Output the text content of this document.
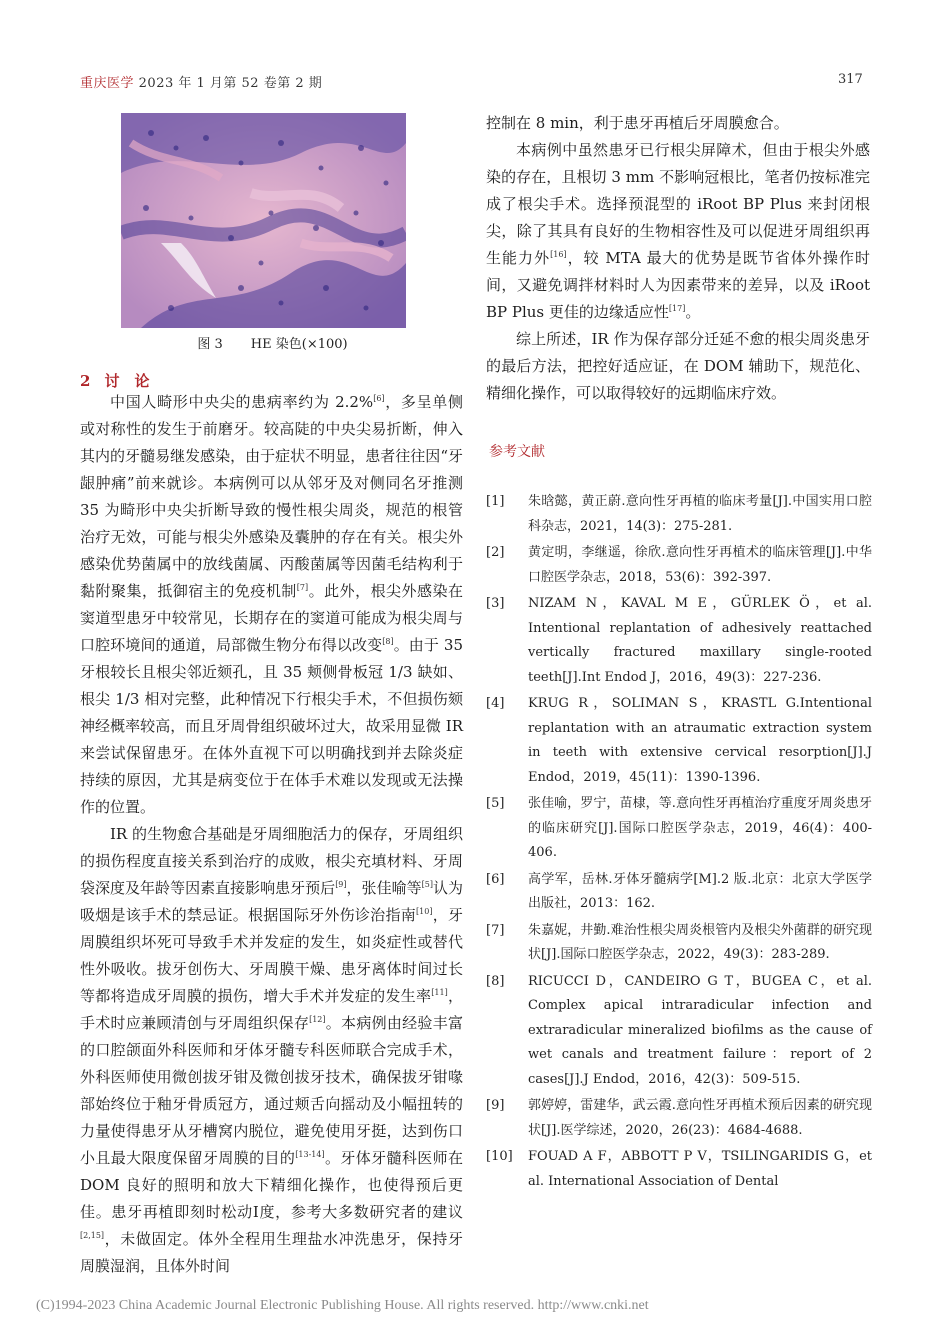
重庆医学 2023 年 1 月第 52 卷第 2 期	317
图 3 HE 染色(×100)
2 讨　论

中国人畸形中央尖的患病率约为 2.2%[6]，多呈单侧或对称性的发生于前磨牙。较高陡的中央尖易折断，伸入其内的牙髓易继发感染，由于症状不明显，患者往往因“牙龈肿痛”前来就诊。本病例可以从邻牙及对侧同名牙推测 35 为畸形中央尖折断导致的慢性根尖周炎，规范的根管治疗无效，可能与根尖外感染及囊肿的存在有关。根尖外感染优势菌属中的放线菌属、丙酸菌属等因菌毛结构利于黏附聚集，抵御宿主的免疫机制[7]。此外，根尖外感染在窦道型患牙中较常见，长期存在的窦道可能成为根尖周与口腔环境间的通道，局部微生物分布得以改变[8]。由于 35 牙根较长且根尖邻近颏孔，且 35 颊侧骨板冠 1/3 缺如、根尖 1/3 相对完整，此种情况下行根尖手术，不但损伤颏神经概率较高，而且牙周骨组织破坏过大，故采用显微 IR 来尝试保留患牙。在体外直视下可以明确找到并去除炎症持续的原因，尤其是病变位于在体手术难以发现或无法操作的位置。

IR 的生物愈合基础是牙周细胞活力的保存，牙周组织的损伤程度直接关系到治疗的成败，根尖充填材料、牙周袋深度及年龄等因素直接影响患牙预后[9]，张佳喻等[5]认为吸烟是该手术的禁忌证。根据国际牙外伤诊治指南[10]，牙周膜组织坏死可导致手术并发症的发生，如炎症性或替代性外吸收。拔牙创伤大、牙周膜干燥、患牙离体时间过长等都将造成牙周膜的损伤，增大手术并发症的发生率[11]，手术时应兼顾清创与牙周组织保存[12]。本病例由经验丰富的口腔颌面外科医师和牙体牙髓专科医师联合完成手术，外科医师使用微创拔牙钳及微创拔牙技术，确保拔牙钳喙部始终位于釉牙骨质冠方，通过颊舌向摇动及小幅扭转的力量使得患牙从牙槽窝内脱位，避免使用牙挺，达到伤口小且最大限度保留牙周膜的目的[13-14]。牙体牙髓科医师在 DOM 良好的照明和放大下精细化操作，也使得预后更佳。患牙再植即刻时松动Ⅰ度，参考大多数研究者的建议[2,15]，未做固定。体外全程用生理盐水冲洗患牙，保持牙周膜湿润，且体外时间

控制在 8 min，利于患牙再植后牙周膜愈合。

本病例中虽然患牙已行根尖屏障术，但由于根尖外感染的存在，且根切 3 mm 不影响冠根比，笔者仍按标准完成了根尖手术。选择预混型的 iRoot BP Plus 来封闭根尖，除了其具有良好的生物相容性及可以促进牙周组织再生能力外[16]，较 MTA 最大的优势是既节省体外操作时间，又避免调拌材料时人为因素带来的差异，以及 iRoot BP Plus 更佳的边缘适应性[17]。

综上所述，IR 作为保存部分迁延不愈的根尖周炎患牙的最后方法，把控好适应证，在 DOM 辅助下，规范化、精细化操作，可以取得较好的远期临床疗效。

参考文献
[1]	朱晗懿，黄正蔚.意向性牙再植的临床考量[J].中国实用口腔科杂志，2021，14(3)：275-281.
[2]	黄定明，李继遥，徐欣.意向性牙再植术的临床管理[J].中华口腔医学杂志，2018，53(6)：392-397.
[3]	NIZAM N，KAVAL M E，GÜRLEK Ö，et al. Intentional replantation of adhesively reattached vertically fractured maxillary single-rooted teeth[J].Int Endod J，2016，49(3)：227-236.
[4]	KRUG R，SOLIMAN S，KRASTL G.Intentional replantation with an atraumatic extraction system in teeth with extensive cervical resorption[J].J Endod，2019，45(11)：1390-1396.
[5]	张佳喻，罗宁，苗棣，等.意向性牙再植治疗重度牙周炎患牙的临床研究[J].国际口腔医学杂志，2019，46(4)：400-406.
[6]	高学军，岳林.牙体牙髓病学[M].2 版.北京：北京大学医学出版社，2013：162.
[7]	朱嘉妮，井勤.难治性根尖周炎根管内及根尖外菌群的研究现状[J].国际口腔医学杂志，2022，49(3)：283-289.
[8]	RICUCCI D，CANDEIRO G T，BUGEA C，et al. Complex apical intraradicular infection and extraradicular mineralized biofilms as the cause of wet canals and treatment failure：report of 2 cases[J].J Endod，2016，42(3)：509-515.
[9]	郭婷婷，雷建华，武云霞.意向性牙再植术预后因素的研究现状[J].医学综述，2020，26(23)：4684-4688.
[10]	FOUAD A F，ABBOTT P V，TSILINGARIDIS G，et al. International Association of Dental
(C)1994-2023 China Academic Journal Electronic Publishing House. All rights reserved. http://www.cnki.net
